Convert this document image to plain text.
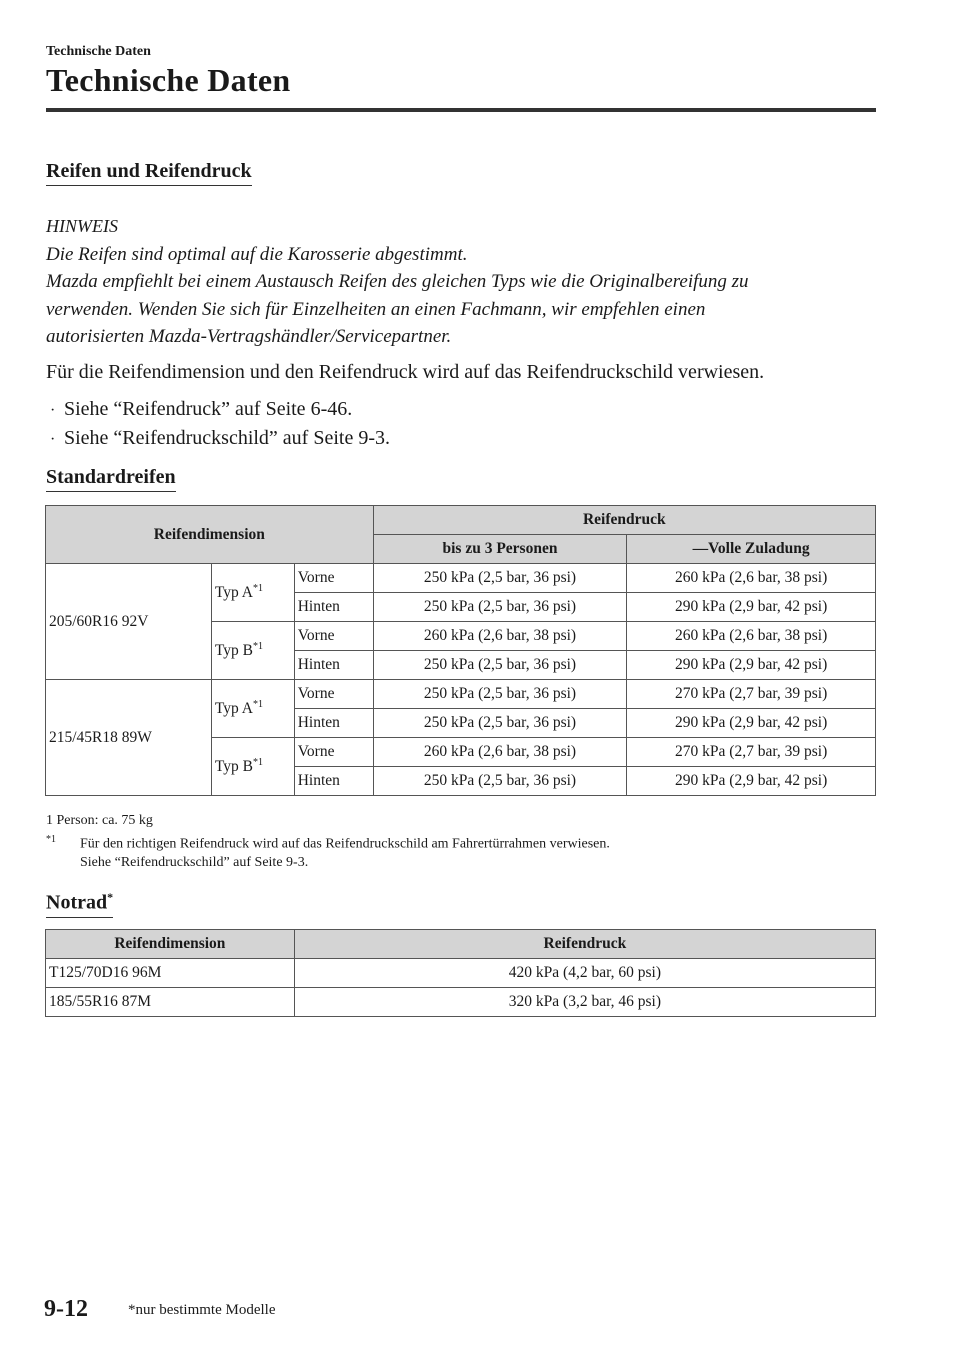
Technische Daten
Technische Daten
Reifen und Reifendruck
HINWEIS
Die Reifen sind optimal auf die Karosserie abgestimmt.
Mazda empfiehlt bei einem Austausch Reifen des gleichen Typs wie die Originalbereifung zu
verwenden. Wenden Sie sich für Einzelheiten an einen Fachmann, wir empfehlen einen
autorisierten Mazda-Vertragshändler/Servicepartner.
Für die Reifendimension und den Reifendruck wird auf das Reifendruckschild verwiesen.
· Siehe “Reifendruck” auf Seite 6-46.
· Siehe “Reifendruckschild” auf Seite 9-3.
Standardreifen
Reifendimension			Reifendruck	
			bis zu 3 Personen	—Volle Zuladung
205/60R16 92V	Typ $A^{*1}$	Vorne	250 kPa (2,5 bar, 36 psi)	260 kPa (2,6 bar, 38 psi)
		Hinten	250 kPa (2,5 bar, 36 psi)	290 kPa (2,9 bar, 42 psi)
	Typ $B^{*1}$	Vorne	260 kPa (2,6 bar, 38 psi)	260 kPa (2,6 bar, 38 psi)
		Hinten	250 kPa (2,5 bar, 36 psi)	290 kPa (2,9 bar, 42 psi)
215/45R18 89W	Typ $A^{*1}$	Vorne	250 kPa (2,5 bar, 36 psi)	270 kPa (2,7 bar, 39 psi)
		Hinten	250 kPa (2,5 bar, 36 psi)	290 kPa (2,9 bar, 42 psi)
	Typ $B^{*1}$	Vorne	260 kPa (2,6 bar, 38 psi)	270 kPa (2,7 bar, 39 psi)
		Hinten	250 kPa (2,5 bar, 36 psi)	290 kPa (2,9 bar, 42 psi)
1 Person: ca. 75 kg
$^{*1}$ Für den richtigen Reifendruck wird auf das Reifendruckschild am Fahrertürrahmen verwiesen.
Siehe “Reifendruckschild” auf Seite 9-3.
Notrad*
Reifendimension	Reifendruck
T125/70D16 96M	420 kPa (4,2 bar, 60 psi)
185/55R16 87M	320 kPa (3,2 bar, 46 psi)
9-12	*nur bestimmte Modelle
